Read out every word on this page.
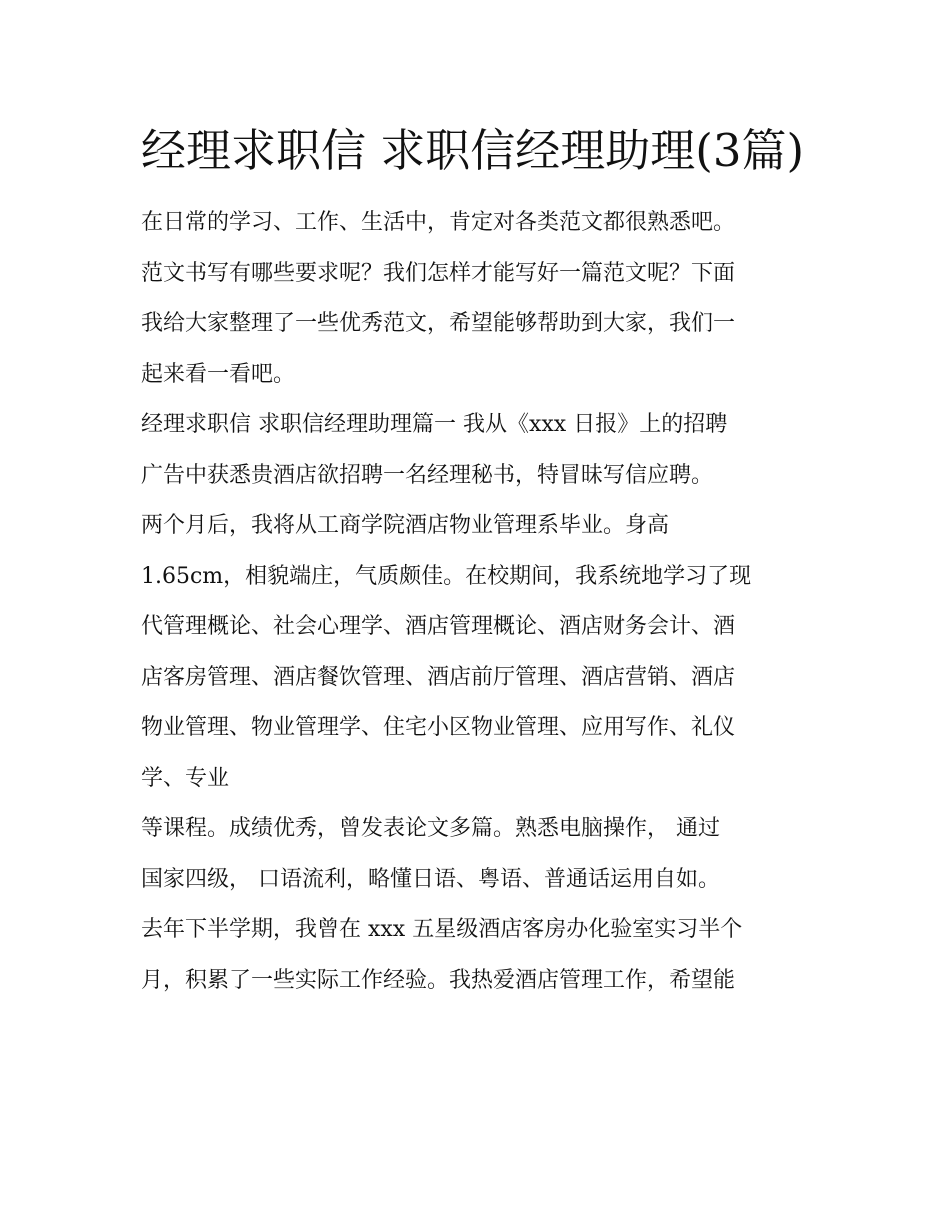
经理求职信 求职信经理助理(3篇)
在日常的学习、工作、生活中，肯定对各类范文都很熟悉吧。
范文书写有哪些要求呢？我们怎样才能写好一篇范文呢？下面
我给大家整理了一些优秀范文，希望能够帮助到大家，我们一
起来看一看吧。
经理求职信 求职信经理助理篇一 我从《xxx 日报》上的招聘
广告中获悉贵酒店欲招聘一名经理秘书，特冒昧写信应聘。
两个月后，我将从工商学院酒店物业管理系毕业。身高
1.65cm，相貌端庄，气质颇佳。在校期间，我系统地学习了现
代管理概论、社会心理学、酒店管理概论、酒店财务会计、酒
店客房管理、酒店餐饮管理、酒店前厅管理、酒店营销、酒店
物业管理、物业管理学、住宅小区物业管理、应用写作、礼仪
学、专业
等课程。成绩优秀，曾发表论文多篇。熟悉电脑操作， 通过
国家四级， 口语流利，略懂日语、粤语、普通话运用自如。
去年下半学期，我曾在 xxx 五星级酒店客房办化验室实习半个
月，积累了一些实际工作经验。我热爱酒店管理工作，希望能
